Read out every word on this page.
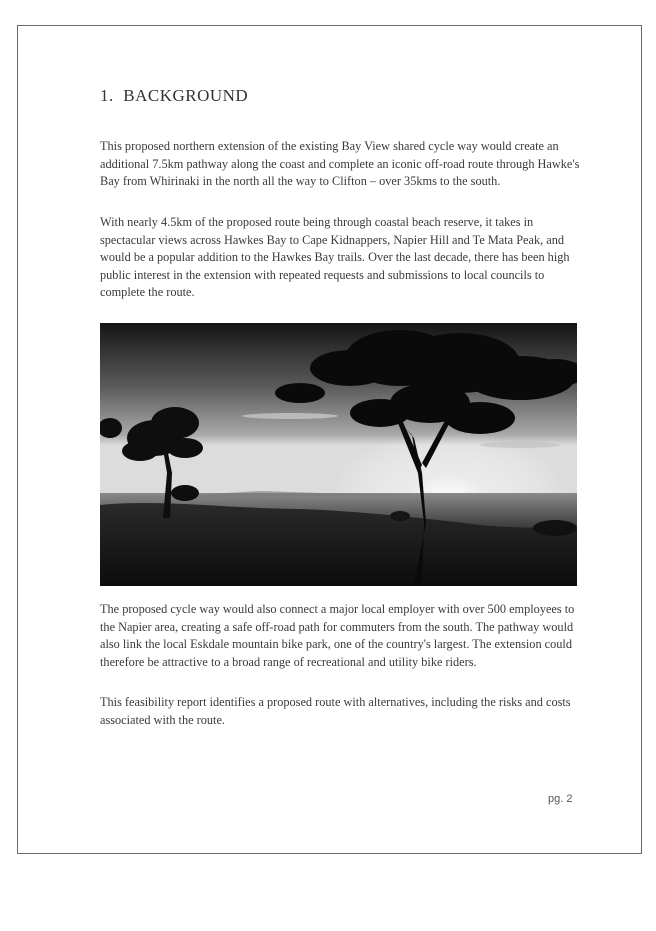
1. BACKGROUND

This proposed northern extension of the existing Bay View shared cycle way would create an additional 7.5km pathway along the coast and complete an iconic off-road route through Hawke's Bay from Whirinaki in the north all the way to Clifton – over 35kms to the south.

With nearly 4.5km of the proposed route being through coastal beach reserve, it takes in spectacular views across Hawkes Bay to Cape Kidnappers, Napier Hill and Te Mata Peak, and would be a popular addition to the Hawkes Bay trails. Over the last decade, there has been high public interest in the extension with repeated requests and submissions to local councils to complete the route.

The proposed cycle way would also connect a major local employer with over 500 employees to the Napier area, creating a safe off-road path for commuters from the south. The pathway would also link the local Eskdale mountain bike park, one of the country's largest. The extension could therefore be attractive to a broad range of recreational and utility bike riders.

This feasibility report identifies a proposed route with alternatives, including the risks and costs associated with the route.

pg. 2
